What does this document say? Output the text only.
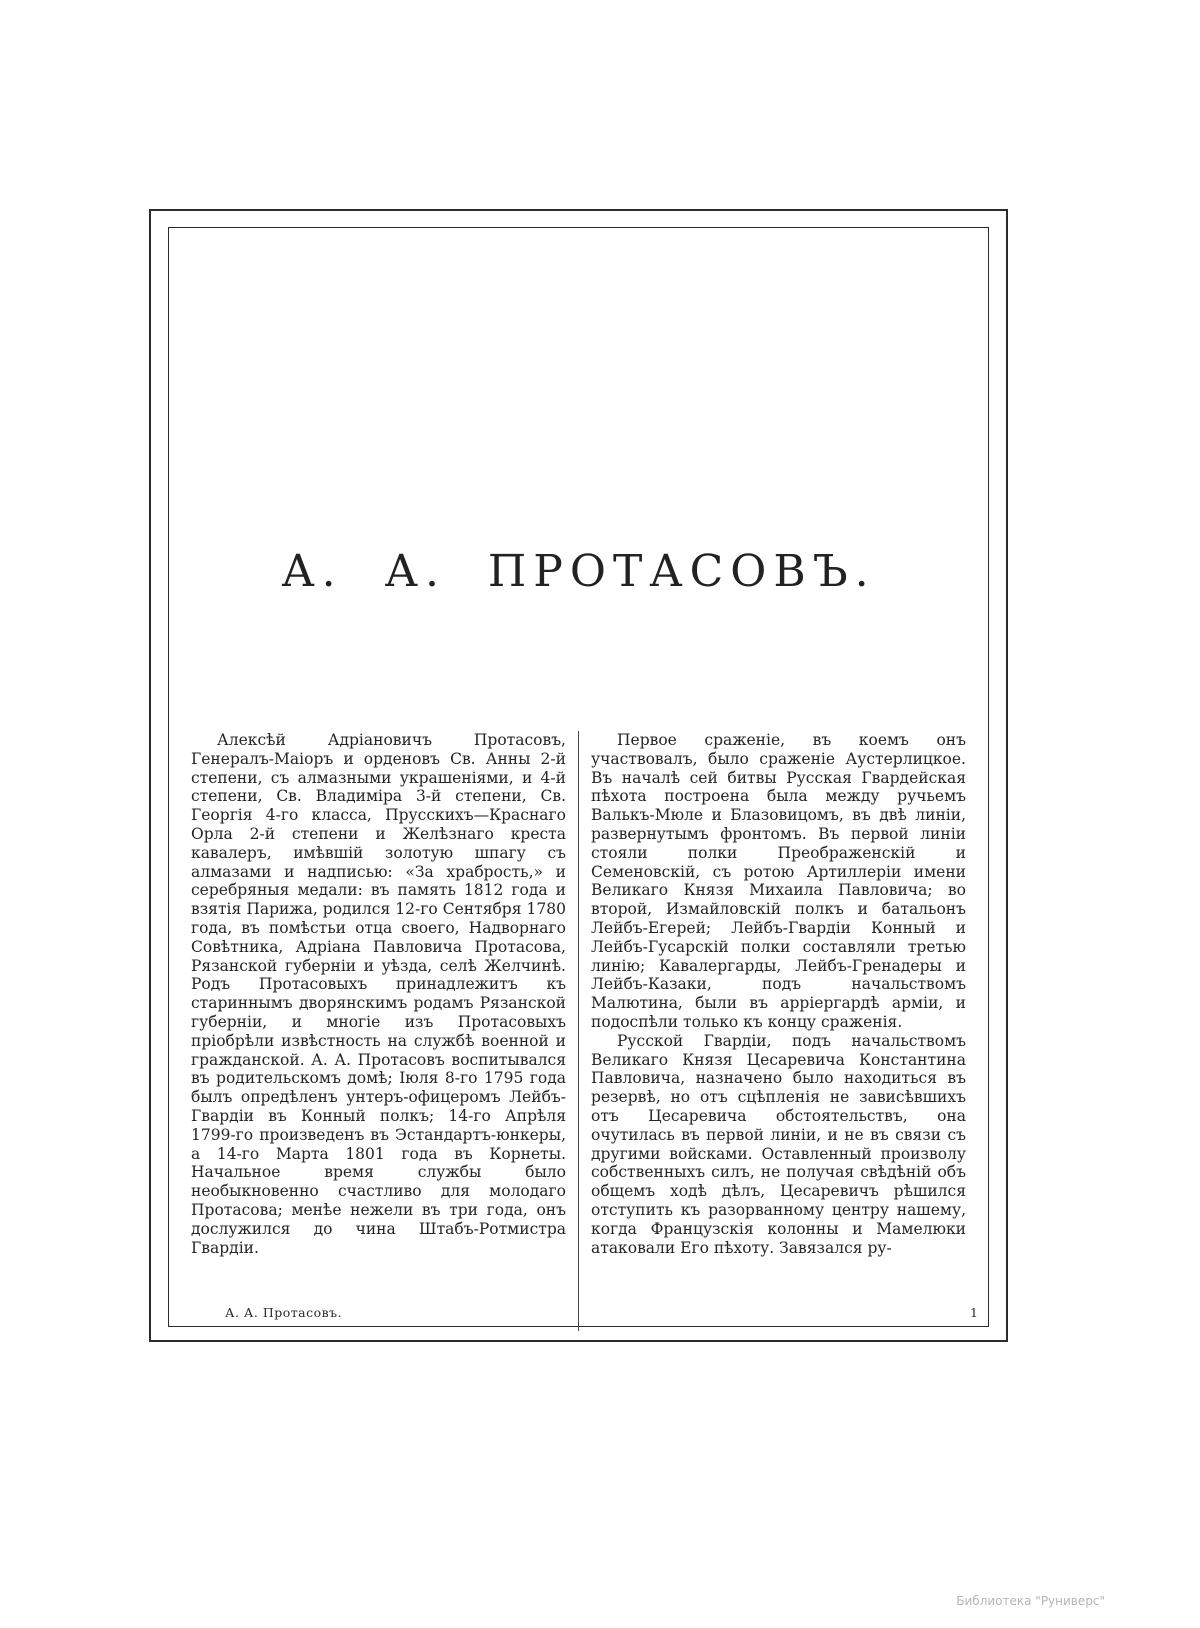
А.  А.  ПРОТАСОВЪ.

Алексѣй Адріановичъ Протасовъ, Генералъ-Маіоръ и орденовъ Св. Анны 2-й степени, съ алмазными украшеніями, и 4-й степени, Св. Владиміра 3-й степени, Св. Георгія 4-го класса, Прусскихъ—Краснаго Орла 2-й степени и Желѣзнаго креста кавалеръ, имѣвшій золотую шпагу съ алмазами и надписью: «За храбрость,» и серебряныя медали: въ память 1812 года и взятія Парижа, родился 12-го Сентября 1780 года, въ помѣстьи отца своего, Надворнаго Совѣтника, Адріана Павловича Протасова, Рязанской губерніи и уѣзда, селѣ Желчинѣ. Родъ Протасовыхъ принадлежитъ къ стариннымъ дворянскимъ родамъ Рязанской губерніи, и многіе изъ Протасовыхъ пріобрѣли извѣстность на службѣ военной и гражданской. А. А. Протасовъ воспитывался въ родительскомъ домѣ; Іюля 8-го 1795 года былъ опредѣленъ унтеръ-офицеромъ Лейбъ-Гвардіи въ Конный полкъ; 14-го Апрѣля 1799-го произведенъ въ Эстандартъ-юнкеры, а 14-го Марта 1801 года въ Корнеты. Начальное время службы было необыкновенно счастливо для молодаго Протасова; менѣе нежели въ три года, онъ дослужился до чина Штабъ-Ротмистра Гвардіи.

Первое сраженіе, въ коемъ онъ участвовалъ, было сраженіе Аустерлицкое. Въ началѣ сей битвы Русская Гвардейская пѣхота построена была между ручьемъ Валькъ-Мюле и Блазовицомъ, въ двѣ линіи, развернутымъ фронтомъ. Въ первой линіи стояли полки Преображенскій и Семеновскій, съ ротою Артиллеріи имени Великаго Князя Михаила Павловича; во второй, Измайловскій полкъ и батальонъ Лейбъ-Егерей; Лейбъ-Гвардіи Конный и Лейбъ-Гусарскій полки составляли третью линію; Кавалергарды, Лейбъ-Гренадеры и Лейбъ-Казаки, подъ начальствомъ Малютина, были въ арріергардѣ арміи, и подоспѣли только къ концу сраженія.

Русской Гвардіи, подъ начальствомъ Великаго Князя Цесаревича Константина Павловича, назначено было находиться въ резервѣ, но отъ сцѣпленія не зависѣвшихъ отъ Цесаревича обстоятельствъ, она очутилась въ первой линіи, и не въ связи съ другими войсками. Оставленный произволу собственныхъ силъ, не получая свѣдѣній объ общемъ ходѣ дѣлъ, Цесаревичъ рѣшился отступить къ разорванному центру нашему, когда Французскія колонны и Мамелюки атаковали Его пѣхоту. Завязался ру-

А. А. Протасовъ.	1
Библиотека "Руниверс"
